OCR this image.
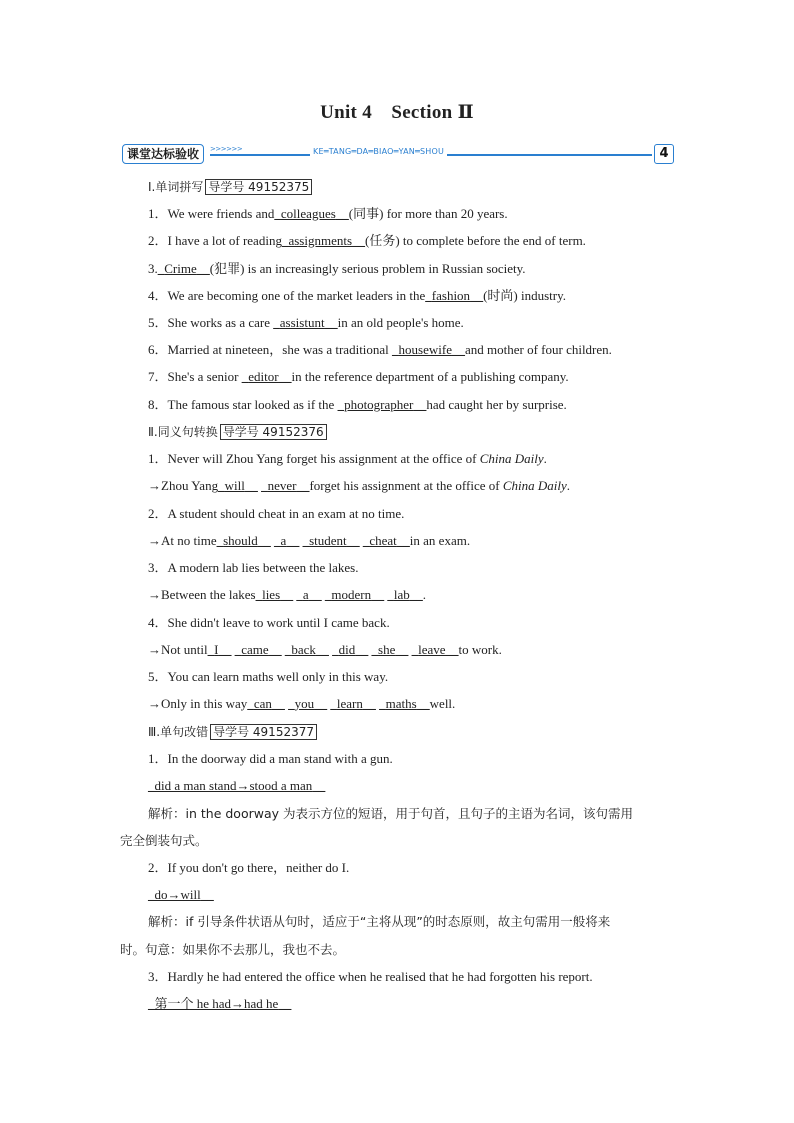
Unit 4　Section Ⅱ
课堂达标验收	>>>>>>	KE═TANG═DA═BIAO═YAN═SHOU	4
Ⅰ.单词拼写 导学号 49152375
1．We were friends and_colleagues__(同事) for more than 20 years.
2．I have a lot of reading_assignments__(任务) to complete before the end of term.
3._Crime__(犯罪) is an increasingly serious problem in Russian society.
4．We are becoming one of the market leaders in the_fashion__(时尚) industry.
5．She works as a care _assistunt__in an old people's home.
6．Married at nineteen，she was a traditional _housewife__and mother of four children.
7．She's a senior _editor__in the reference department of a publishing company.
8．The famous star looked as if the _photographer__had caught her by surprise.
Ⅱ.同义句转换 导学号 49152376
1．Never will Zhou Yang forget his assignment at the office of China Daily.
→Zhou Yang_will__ _never__forget his assignment at the office of China Daily.
2．A student should cheat in an exam at no time.
→At no time_should__ _a__ _student__ _cheat__in an exam.
3．A modern lab lies between the lakes.
→Between the lakes_lies__ _a__ _modern__ _lab__.
4．She didn't leave to work until I came back.
→Not until_I__ _came__ _back__ _did__ _she__ _leave__to work.
5．You can learn maths well only in this way.
→Only in this way_can__ _you__ _learn__ _maths__well.
Ⅲ.单句改错 导学号 49152377
1．In the doorway did a man stand with a gun.
_did a man stand→stood a man__
解析：in the doorway 为表示方位的短语，用于句首，且句子的主语为名词，该句需用
完全倒装句式。
2．If you don't go there，neither do I.
_do→will__
解析：if 引导条件状语从句时，适应于“主将从现”的时态原则，故主句需用一般将来
时。句意：如果你不去那儿，我也不去。
3．Hardly he had entered the office when he realised that he had forgotten his report.
_第一个 he had→had he__
